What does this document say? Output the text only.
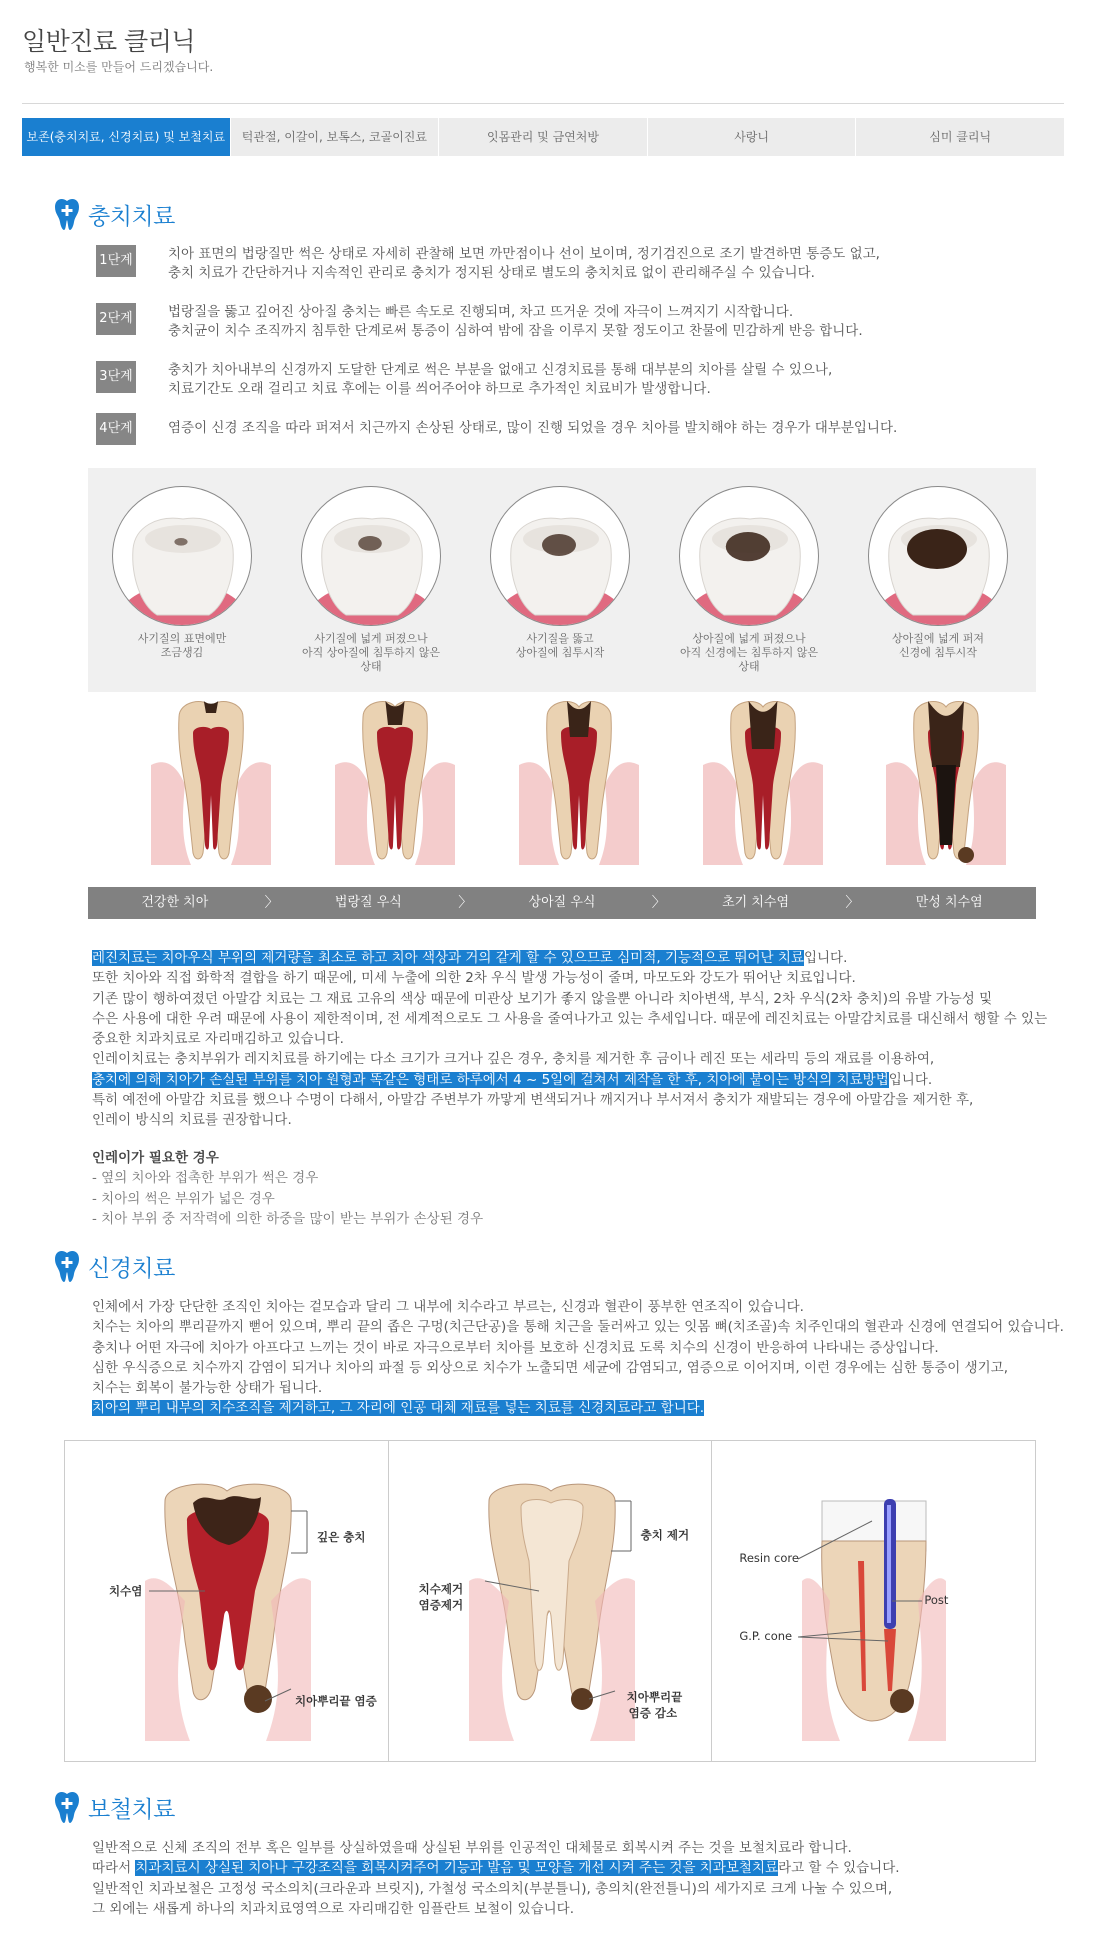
일반진료 클리닉
행복한 미소를 만들어 드리겠습니다.
보존(충치치료, 신경치료) 및 보철치료	턱관절, 이갈이, 보톡스, 코골이진료	잇몸관리 및 금연처방	사랑니	심미 클리닉
충치치료
1단계	치아 표면의 법랑질만 썩은 상태로 자세히 관찰해 보면 까만점이나 선이 보이며, 정기검진으로 조기 발견하면 통증도 없고,
충치 치료가 간단하거나 지속적인 관리로 충치가 정지된 상태로 별도의 충치치료 없이 관리해주실 수 있습니다.
2단계	법랑질을 뚫고 깊어진 상아질 충치는 빠른 속도로 진행되며, 차고 뜨거운 것에 자극이 느껴지기 시작합니다.
충치균이 치수 조직까지 침투한 단계로써 통증이 심하여 밤에 잠을 이루지 못할 정도이고 찬물에 민감하게 반응 합니다.
3단계	충치가 치아내부의 신경까지 도달한 단계로 썩은 부분을 없애고 신경치료를 통해 대부분의 치아를 살릴 수 있으나,
치료기간도 오래 걸리고 치료 후에는 이를 씌어주어야 하므로 추가적인 치료비가 발생합니다.
4단계	염증이 신경 조직을 따라 퍼져서 치근까지 손상된 상태로, 많이 진행 되었을 경우 치아를 발치해야 하는 경우가 대부분입니다.
사기질의 표면에만
조금생김
사기질에 넓게 퍼졌으나
아직 상아질에 침투하지 않은 상태
사기질을 뚫고
상아질에 침투시작
상아질에 넓게 퍼졌으나
아직 신경에는 침투하지 않은 상태
상아질에 넓게 퍼져
신경에 침투시작
건강한 치아	〉	법랑질 우식	〉	상아질 우식	〉	초기 치수염	〉	만성 치수염
레진치료는 치아우식 부위의 제거량을 최소로 하고 치아 색상과 거의 같게 할 수 있으므로 심미적, 기능적으로 뛰어난 치료입니다.
또한 치아와 직접 화학적 결합을 하기 때문에, 미세 누출에 의한 2차 우식 발생 가능성이 줄며, 마모도와 강도가 뛰어난 치료입니다.
기존 많이 행하여졌던 아말감 치료는 그 재료 고유의 색상 때문에 미관상 보기가 좋지 않을뿐 아니라 치아변색, 부식, 2차 우식(2차 충치)의 유발 가능성 및
수은 사용에 대한 우려 때문에 사용이 제한적이며, 전 세계적으로도 그 사용을 줄여나가고 있는 추세입니다. 때문에 레진치료는 아말감치료를 대신해서 행할 수 있는
중요한 치과치료로 자리매김하고 있습니다.
인레이치료는 충치부위가 레지치료를 하기에는 다소 크기가 크거나 깊은 경우, 충치를 제거한 후 금이나 레진 또는 세라믹 등의 재료를 이용하여,
충치에 의해 치아가 손실된 부위를 치아 원형과 똑같은 형태로 하루에서 4 ~ 5일에 걸쳐서 제작을 한 후, 치아에 붙이는 방식의 치료방법입니다.
특히 예전에 아말감 치료를 했으나 수명이 다해서, 아말감 주변부가 까맣게 변색되거나 깨지거나 부서져서 충치가 재발되는 경우에 아말감을 제거한 후,
인레이 방식의 치료를 권장합니다.
인레이가 필요한 경우
- 옆의 치아와 접촉한 부위가 썩은 경우
- 치아의 썩은 부위가 넓은 경우
- 치아 부위 중 저작력에 의한 하중을 많이 받는 부위가 손상된 경우
신경치료
인체에서 가장 단단한 조직인 치아는 겉모습과 달리 그 내부에 치수라고 부르는, 신경과 혈관이 풍부한 연조직이 있습니다.
치수는 치아의 뿌리끝까지 뻗어 있으며, 뿌리 끝의 좁은 구멍(치근단공)을 통해 치근을 둘러싸고 있는 잇몸 뼈(치조골)속 치주인대의 혈관과 신경에 연결되어 있습니다.
충치나 어떤 자극에 치아가 아프다고 느끼는 것이 바로 자극으로부터 치아를 보호하 신경치료 도록 치수의 신경이 반응하여 나타내는 증상입니다.
심한 우식증으로 치수까지 감염이 되거나 치아의 파절 등 외상으로 치수가 노출되면 세균에 감염되고, 염증으로 이어지며, 이런 경우에는 심한 통증이 생기고,
치수는 회복이 불가능한 상태가 됩니다.
치아의 뿌리 내부의 치수조직을 제거하고, 그 자리에 인공 대체 재료를 넣는 치료를 신경치료라고 합니다.
깊은 충치
치수염
치아뿌리끝 염증
충치 제거
치수제거
염증제거
치아뿌리끝
염증 감소
Resin core
Post
G.P. cone
보철치료
일반적으로 신체 조직의 전부 혹은 일부를 상실하였을때 상실된 부위를 인공적인 대체물로 회복시켜 주는 것을 보철치료라 합니다.
따라서 치과치료시 상실된 치아나 구강조직을 회복시켜주어 기능과 발음 및 모양을 개선 시켜 주는 것을 치과보철치료라고 할 수 있습니다.
일반적인 치과보철은 고정성 국소의치(크라운과 브릿지), 가철성 국소의치(부분틀니), 총의치(완전틀니)의 세가지로 크게 나눌 수 있으며,
그 외에는 새롭게 하나의 치과치료영역으로 자리매김한 임플란트 보철이 있습니다.
